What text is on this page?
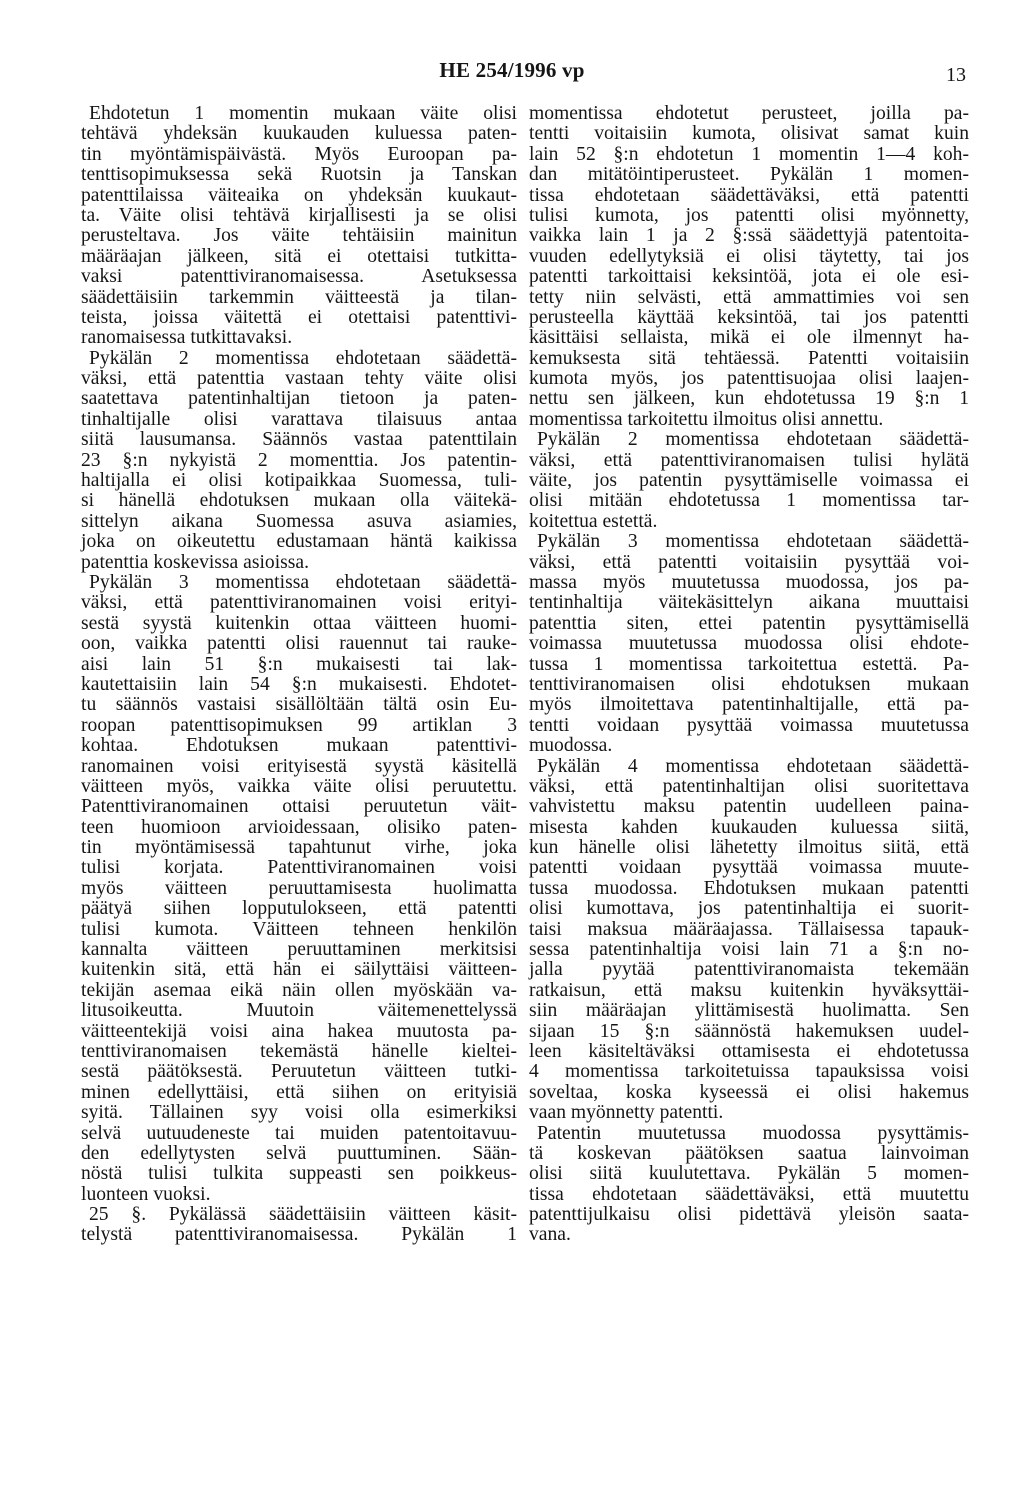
HE 254/1996 vp	13
Ehdotetun 1 momentin mukaan väite olisi
tehtävä yhdeksän kuukauden kuluessa paten-
tin myöntämispäivästä. Myös Euroopan pa-
tenttisopimuksessa sekä Ruotsin ja Tanskan
patenttilaissa väiteaika on yhdeksän kuukaut-
ta. Väite olisi tehtävä kirjallisesti ja se olisi
perusteltava. Jos väite tehtäisiin mainitun
määräajan jälkeen, sitä ei otettaisi tutkitta-
vaksi patenttiviranomaisessa. Asetuksessa
säädettäisiin tarkemmin väitteestä ja tilan-
teista, joissa väitettä ei otettaisi patenttivi-
ranomaisessa tutkittavaksi.
Pykälän 2 momentissa ehdotetaan säädettä-
väksi, että patenttia vastaan tehty väite olisi
saatettava patentinhaltijan tietoon ja paten-
tinhaltijalle olisi varattava tilaisuus antaa
siitä lausumansa. Säännös vastaa patenttilain
23 §:n nykyistä 2 momenttia. Jos patentin-
haltijalla ei olisi kotipaikkaa Suomessa, tuli-
si hänellä ehdotuksen mukaan olla väitekä-
sittelyn aikana Suomessa asuva asiamies,
joka on oikeutettu edustamaan häntä kaikissa
patenttia koskevissa asioissa.
Pykälän 3 momentissa ehdotetaan säädettä-
väksi, että patenttiviranomainen voisi erityi-
sestä syystä kuitenkin ottaa väitteen huomi-
oon, vaikka patentti olisi rauennut tai rauke-
aisi lain 51 §:n mukaisesti tai lak-
kautettaisiin lain 54 §:n mukaisesti. Ehdotet-
tu säännös vastaisi sisällöltään tältä osin Eu-
roopan patenttisopimuksen 99 artiklan 3
kohtaa. Ehdotuksen mukaan patenttivi-
ranomainen voisi erityisestä syystä käsitellä
väitteen myös, vaikka väite olisi peruutettu.
Patenttiviranomainen ottaisi peruutetun väit-
teen huomioon arvioidessaan, olisiko paten-
tin myöntämisessä tapahtunut virhe, joka
tulisi korjata. Patenttiviranomainen voisi
myös väitteen peruuttamisesta huolimatta
päätyä siihen lopputulokseen, että patentti
tulisi kumota. Väitteen tehneen henkilön
kannalta väitteen peruuttaminen merkitsisi
kuitenkin sitä, että hän ei säilyttäisi väitteen-
tekijän asemaa eikä näin ollen myöskään va-
litusoikeutta. Muutoin väitemenettelyssä
väitteentekijä voisi aina hakea muutosta pa-
tenttiviranomaisen tekemästä hänelle kieltei-
sestä päätöksestä. Peruutetun väitteen tutki-
minen edellyttäisi, että siihen on erityisiä
syitä. Tällainen syy voisi olla esimerkiksi
selvä uutuudeneste tai muiden patentoitavuu-
den edellytysten selvä puuttuminen. Sään-
nöstä tulisi tulkita suppeasti sen poikkeus-
luonteen vuoksi.
25 §. Pykälässä säädettäisiin väitteen käsit-
telystä patenttiviranomaisessa. Pykälän 1
momentissa ehdotetut perusteet, joilla pa-
tentti voitaisiin kumota, olisivat samat kuin
lain 52 §:n ehdotetun 1 momentin 1—4 koh-
dan mitätöintiperusteet. Pykälän 1 momen-
tissa ehdotetaan säädettäväksi, että patentti
tulisi kumota, jos patentti olisi myönnetty,
vaikka lain 1 ja 2 §:ssä säädettyjä patentoita-
vuuden edellytyksiä ei olisi täytetty, tai jos
patentti tarkoittaisi keksintöä, jota ei ole esi-
tetty niin selvästi, että ammattimies voi sen
perusteella käyttää keksintöä, tai jos patentti
käsittäisi sellaista, mikä ei ole ilmennyt ha-
kemuksesta sitä tehtäessä. Patentti voitaisiin
kumota myös, jos patenttisuojaa olisi laajen-
nettu sen jälkeen, kun ehdotetussa 19 §:n 1
momentissa tarkoitettu ilmoitus olisi annettu.
Pykälän 2 momentissa ehdotetaan säädettä-
väksi, että patenttiviranomaisen tulisi hylätä
väite, jos patentin pysyttämiselle voimassa ei
olisi mitään ehdotetussa 1 momentissa tar-
koitettua estettä.
Pykälän 3 momentissa ehdotetaan säädettä-
väksi, että patentti voitaisiin pysyttää voi-
massa myös muutetussa muodossa, jos pa-
tentinhaltija väitekäsittelyn aikana muuttaisi
patenttia siten, ettei patentin pysyttämisellä
voimassa muutetussa muodossa olisi ehdote-
tussa 1 momentissa tarkoitettua estettä. Pa-
tenttiviranomaisen olisi ehdotuksen mukaan
myös ilmoitettava patentinhaltijalle, että pa-
tentti voidaan pysyttää voimassa muutetussa
muodossa.
Pykälän 4 momentissa ehdotetaan säädettä-
väksi, että patentinhaltijan olisi suoritettava
vahvistettu maksu patentin uudelleen paina-
misesta kahden kuukauden kuluessa siitä,
kun hänelle olisi lähetetty ilmoitus siitä, että
patentti voidaan pysyttää voimassa muute-
tussa muodossa. Ehdotuksen mukaan patentti
olisi kumottava, jos patentinhaltija ei suorit-
taisi maksua määräajassa. Tällaisessa tapauk-
sessa patentinhaltija voisi lain 71 a §:n no-
jalla pyytää patenttiviranomaista tekemään
ratkaisun, että maksu kuitenkin hyväksyttäi-
siin määräajan ylittämisestä huolimatta. Sen
sijaan 15 §:n säännöstä hakemuksen uudel-
leen käsiteltäväksi ottamisesta ei ehdotetussa
4 momentissa tarkoitetuissa tapauksissa voisi
soveltaa, koska kyseessä ei olisi hakemus
vaan myönnetty patentti.
Patentin muutetussa muodossa pysyttämis-
tä koskevan päätöksen saatua lainvoiman
olisi siitä kuulutettava. Pykälän 5 momen-
tissa ehdotetaan säädettäväksi, että muutettu
patenttijulkaisu olisi pidettävä yleisön saata-
vana.
